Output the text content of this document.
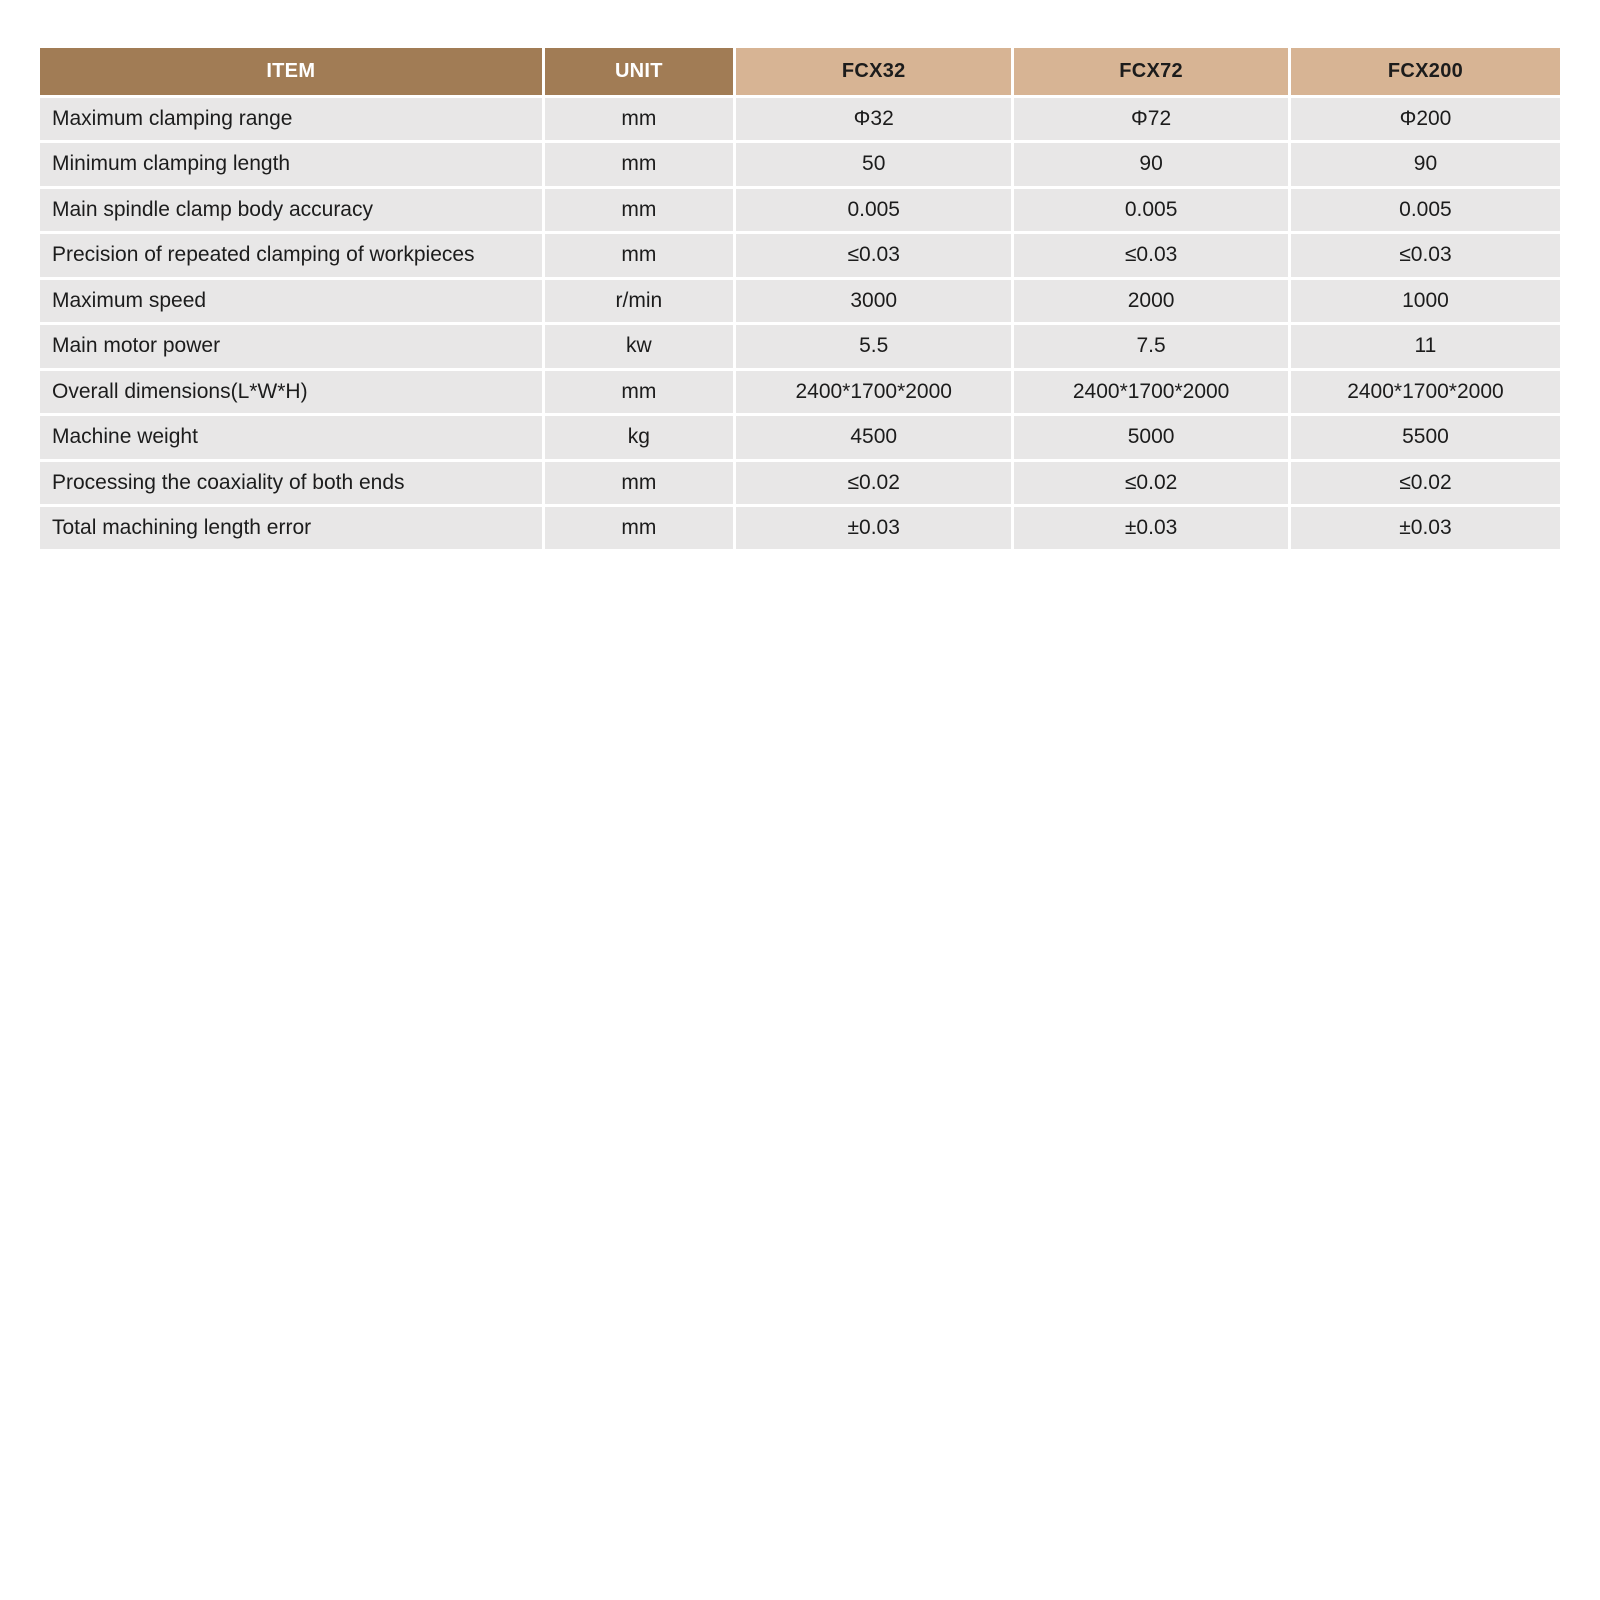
ITEM	UNIT	FCX32	FCX72	FCX200
Maximum clamping range	mm	Φ32	Φ72	Φ200
Minimum clamping length	mm	50	90	90
Main spindle clamp body accuracy	mm	0.005	0.005	0.005
Precision of repeated clamping of workpieces	mm	≤0.03	≤0.03	≤0.03
Maximum speed	r/min	3000	2000	1000
Main motor power	kw	5.5	7.5	11
Overall dimensions(L*W*H)	mm	2400*1700*2000	2400*1700*2000	2400*1700*2000
Machine weight	kg	4500	5000	5500
Processing the coaxiality of both ends	mm	≤0.02	≤0.02	≤0.02
Total machining length error	mm	±0.03	±0.03	±0.03
